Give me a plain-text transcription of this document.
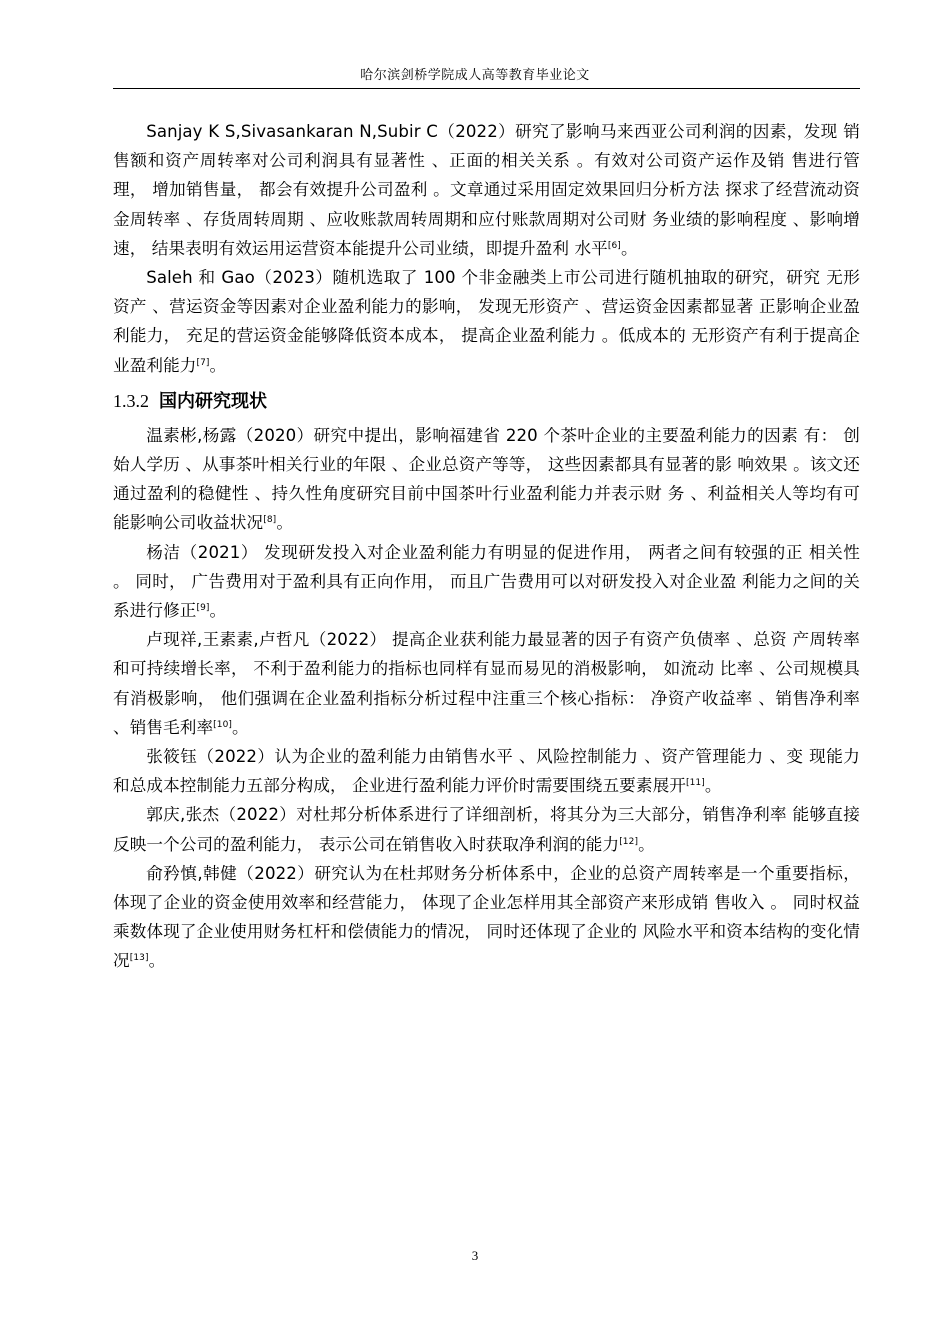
哈尔滨剑桥学院成人高等教育毕业论文

Sanjay K S,Sivasankaran N,Subir C（2022）研究了影响马来西亚公司利润的因素，发现 销售额和资产周转率对公司利润具有显著性 、正面的相关关系 。有效对公司资产运作及销 售进行管理， 增加销售量， 都会有效提升公司盈利 。文章通过采用固定效果回归分析方法 探求了经营流动资金周转率 、存货周转周期 、应收账款周转周期和应付账款周期对公司财 务业绩的影响程度 、影响增速， 结果表明有效运用运营资本能提升公司业绩，即提升盈利 水平[6]。

Saleh 和 Gao（2023）随机选取了 100 个非金融类上市公司进行随机抽取的研究，研究 无形资产 、营运资金等因素对企业盈利能力的影响， 发现无形资产 、营运资金因素都显著 正影响企业盈利能力， 充足的营运资金能够降低资本成本， 提高企业盈利能力 。低成本的 无形资产有利于提高企业盈利能力[7]。

1.3.2 国内研究现状

温素彬,杨露（2020）研究中提出，影响福建省 220 个茶叶企业的主要盈利能力的因素 有： 创始人学历 、从事茶叶相关行业的年限 、企业总资产等等， 这些因素都具有显著的影 响效果 。该文还通过盈利的稳健性 、持久性角度研究目前中国茶叶行业盈利能力并表示财 务 、利益相关人等均有可能影响公司收益状况[8]。

杨洁（2021） 发现研发投入对企业盈利能力有明显的促进作用， 两者之间有较强的正 相关性 。 同时， 广告费用对于盈利具有正向作用， 而且广告费用可以对研发投入对企业盈 利能力之间的关系进行修正[9]。

卢现祥,王素素,卢哲凡（2022） 提高企业获利能力最显著的因子有资产负债率 、总资 产周转率和可持续增长率， 不利于盈利能力的指标也同样有显而易见的消极影响， 如流动 比率 、公司规模具有消极影响， 他们强调在企业盈利指标分析过程中注重三个核心指标： 净资产收益率 、销售净利率 、销售毛利率[10]。

张筱钰（2022）认为企业的盈利能力由销售水平 、风险控制能力 、资产管理能力 、变 现能力和总成本控制能力五部分构成， 企业进行盈利能力评价时需要围绕五要素展开[11]。

郭庆,张杰（2022）对杜邦分析体系进行了详细剖析，将其分为三大部分，销售净利率 能够直接反映一个公司的盈利能力， 表示公司在销售收入时获取净利润的能力[12]。

俞矜慎,韩健（2022）研究认为在杜邦财务分析体系中，企业的总资产周转率是一个重要指标， 体现了企业的资金使用效率和经营能力， 体现了企业怎样用其全部资产来形成销 售收入 。 同时权益乘数体现了企业使用财务杠杆和偿债能力的情况， 同时还体现了企业的 风险水平和资本结构的变化情况[13]。

3
